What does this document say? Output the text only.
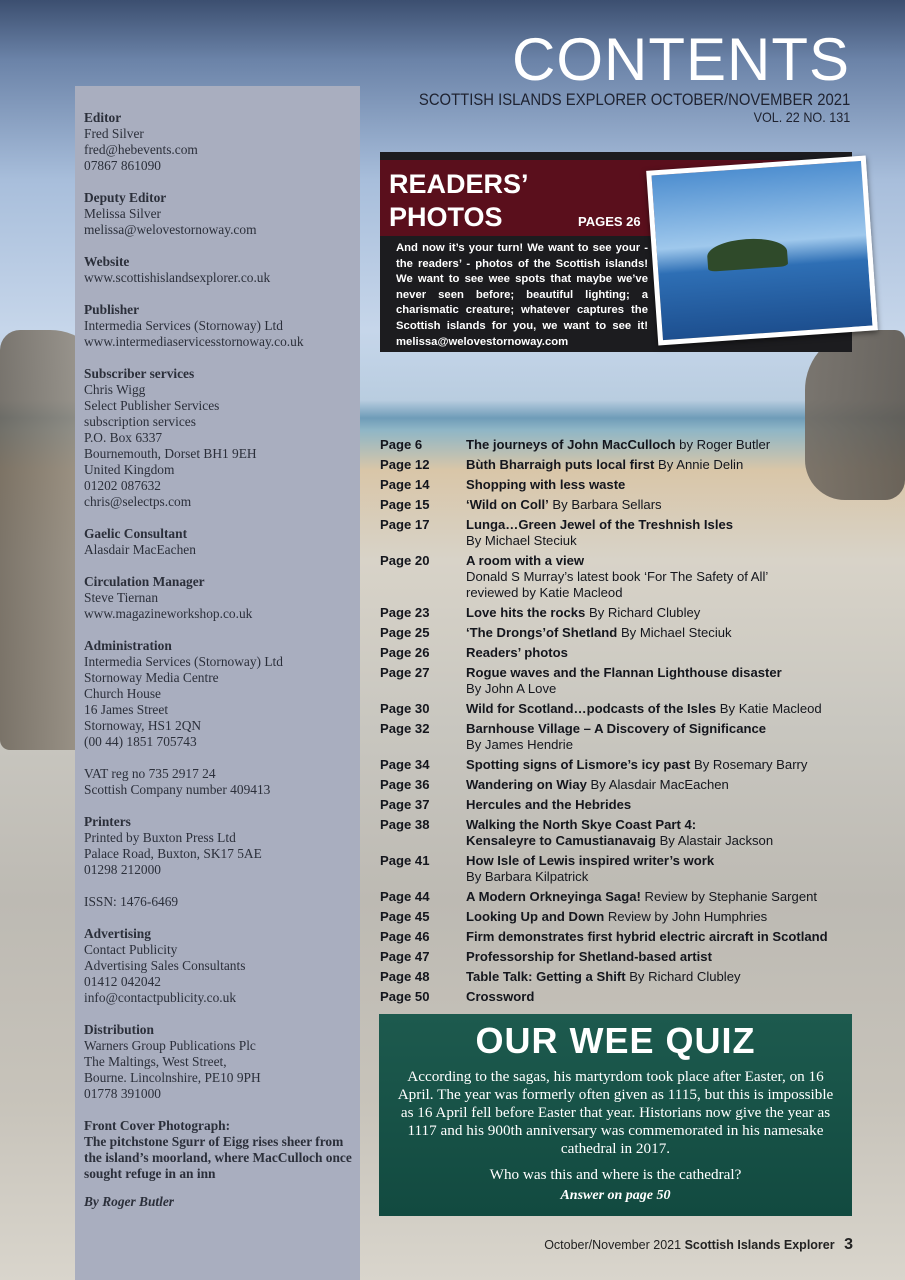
CONTENTS
SCOTTISH ISLANDS EXPLORER OCTOBER/NOVEMBER 2021
VOL. 22 NO. 131
Editor
Fred Silver
fred@hebevents.com
07867 861090
Deputy Editor
Melissa Silver
melissa@welovestornoway.com
Website
www.scottishislandsexplorer.co.uk
Publisher
Intermedia Services (Stornoway) Ltd
www.intermediaservicesstornoway.co.uk
Subscriber services
Chris Wigg
Select Publisher Services
subscription services
P.O. Box 6337
Bournemouth, Dorset BH1 9EH
United Kingdom
01202 087632
chris@selectps.com
Gaelic Consultant
Alasdair MacEachen
Circulation Manager
Steve Tiernan
www.magazineworkshop.co.uk
Administration
Intermedia Services (Stornoway) Ltd
Stornoway Media Centre
Church House
16 James Street
Stornoway, HS1 2QN
(00 44) 1851 705743
VAT reg no 735 2917 24
Scottish Company number 409413
Printers
Printed by Buxton Press Ltd
Palace Road, Buxton, SK17 5AE
01298 212000
ISSN: 1476-6469
Advertising
Contact Publicity
Advertising Sales Consultants
01412 042042
info@contactpublicity.co.uk
Distribution
Warners Group Publications Plc
The Maltings, West Street,
Bourne. Lincolnshire, PE10 9PH
01778 391000
Front Cover Photograph:
The pitchstone Sgurr of Eigg rises sheer from the island’s moorland, where MacCulloch once sought refuge in an inn
By Roger Butler
READERS’
PHOTOS	PAGES 26
And now it’s your turn! We want to see your - the readers’ - photos of the Scottish islands! We want to see wee spots that maybe we’ve never seen before; beautiful lighting; a charismatic creature; whatever captures the Scottish islands for you, we want to see it! melissa@welovestornoway.com
Page 6	The journeys of John MacCulloch by Roger Butler
Page 12	Bùth Bharraigh puts local first By Annie Delin
Page 14	Shopping with less waste
Page 15	‘Wild on Coll’ By Barbara Sellars
Page 17	Lunga…Green Jewel of the Treshnish Isles
By Michael Steciuk
Page 20	A room with a view
Donald S Murray’s latest book ‘For The Safety of All’
reviewed by Katie Macleod
Page 23	Love hits the rocks By Richard Clubley
Page 25	‘The Drongs’of Shetland By Michael Steciuk
Page 26	Readers’ photos
Page 27	Rogue waves and the Flannan Lighthouse disaster
By John A Love
Page 30	Wild for Scotland…podcasts of the Isles By Katie Macleod
Page 32	Barnhouse Village – A Discovery of Significance
By James Hendrie
Page 34	Spotting signs of Lismore’s icy past By Rosemary Barry
Page 36	Wandering on Wiay By Alasdair MacEachen
Page 37	Hercules and the Hebrides
Page 38	Walking the North Skye Coast Part 4:
Kensaleyre to Camustianavaig By Alastair Jackson
Page 41	How Isle of Lewis inspired writer’s work
By Barbara Kilpatrick
Page 44	A Modern Orkneyinga Saga! Review by Stephanie Sargent
Page 45	Looking Up and Down Review by John Humphries
Page 46	Firm demonstrates first hybrid electric aircraft in Scotland
Page 47	Professorship for Shetland-based artist
Page 48	Table Talk: Getting a Shift By Richard Clubley
Page 50	Crossword
OUR WEE QUIZ
According to the sagas, his martyrdom took place after Easter, on 16 April. The year was formerly often given as 1115, but this is impossible as 16 April fell before Easter that year. Historians now give the year as 1117 and his 900th anniversary was commemorated in his namesake cathedral in 2017.
Who was this and where is the cathedral?
Answer on page 50
October/November 2021 Scottish Islands Explorer 3
